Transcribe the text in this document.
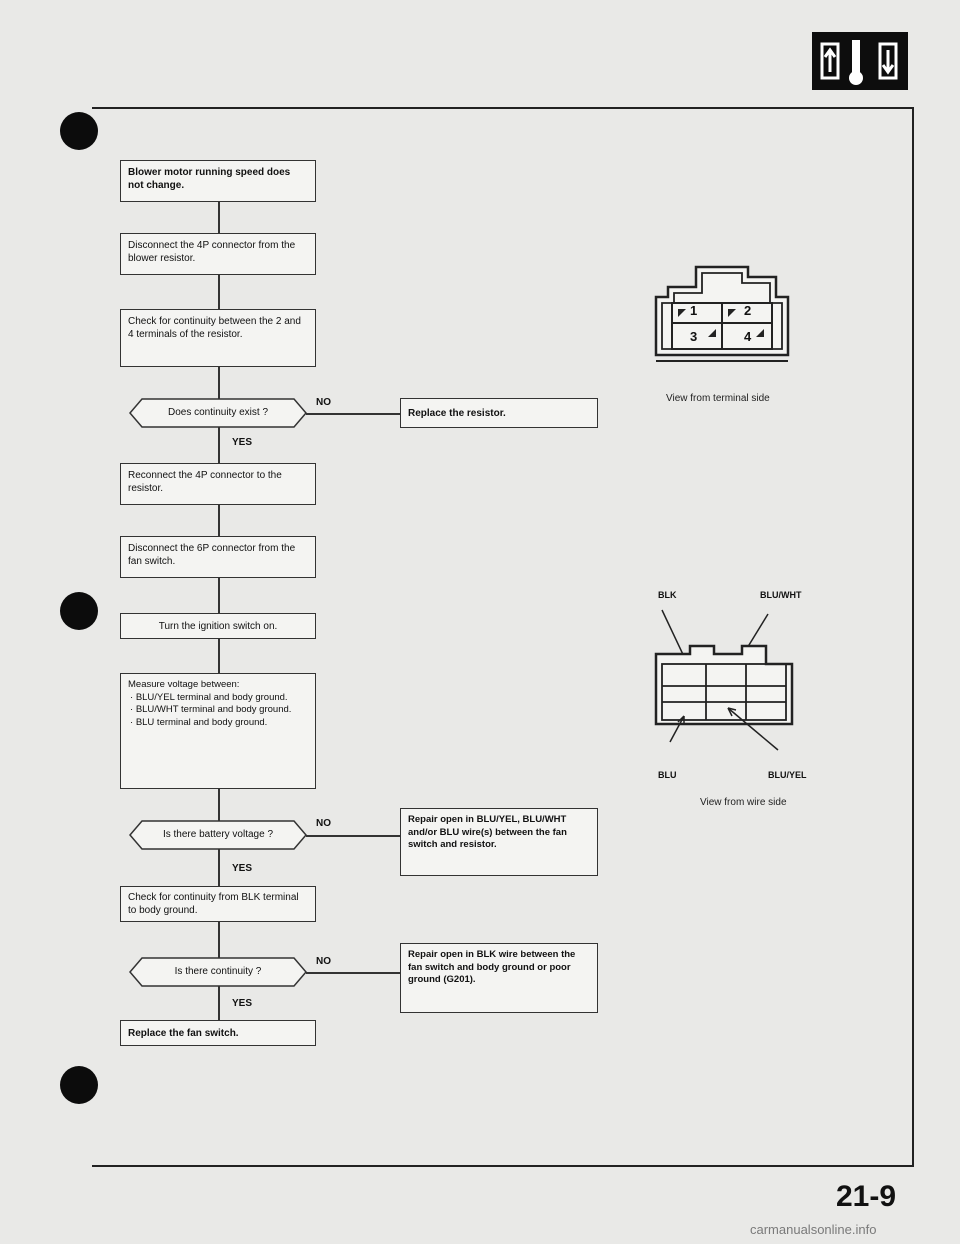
Blower motor running speed does not change.
Disconnect the 4P connector from the blower resistor.
Check for continuity between the 2 and 4 terminals of the resistor.
Does continuity exist ?
NO
Replace the resistor.
YES
Reconnect the 4P connector to the resistor.
Disconnect the 6P connector from the fan switch.
Turn the ignition switch on.
Measure voltage between:
· BLU/YEL terminal and body ground.
· BLU/WHT terminal and body ground.
· BLU terminal and body ground.
Is there battery voltage ?
NO	Repair open in BLU/YEL, BLU/WHT and/or BLU wire(s) between the fan switch and resistor.
YES
Check for continuity from BLK terminal to body ground.
Is there continuity ?
NO
Repair open in BLK wire between the fan switch and body ground or poor ground (G201).
YES
Replace the fan switch.
1	2
3	4
View from terminal side
BLK	BLU/WHT
BLU	BLU/YEL
View from wire side
21-9
carmanualsonline.info
